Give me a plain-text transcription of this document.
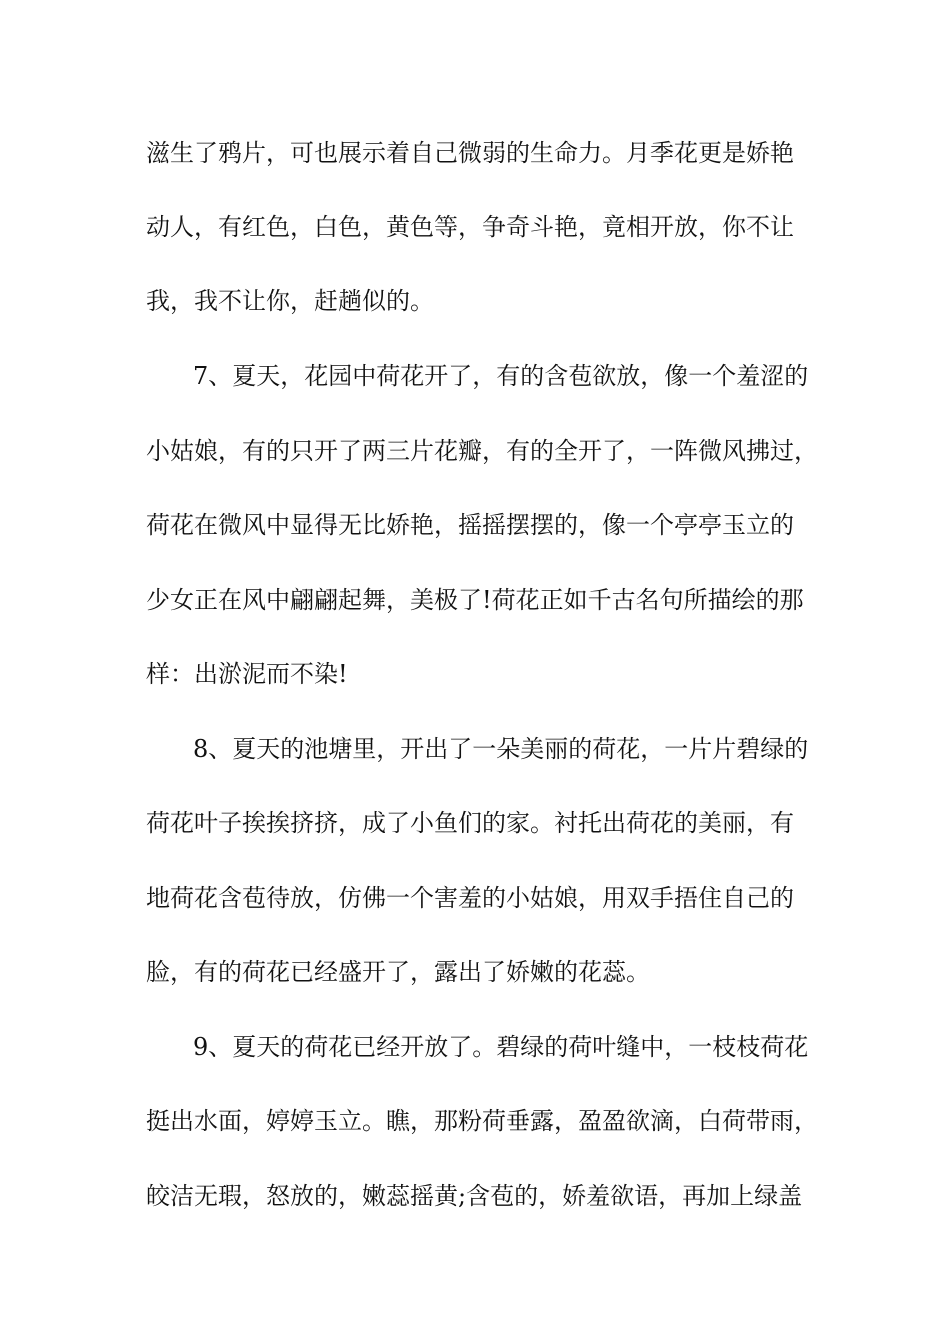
滋生了鸦片，可也展示着自己微弱的生命力。月季花更是娇艳
动人，有红色，白色，黄色等，争奇斗艳，竟相开放，你不让
我，我不让你，赶趟似的。
7、夏天，花园中荷花开了，有的含苞欲放，像一个羞涩的
小姑娘，有的只开了两三片花瓣，有的全开了，一阵微风拂过，
荷花在微风中显得无比娇艳，摇摇摆摆的，像一个亭亭玉立的
少女正在风中翩翩起舞，美极了!荷花正如千古名句所描绘的那
样：出淤泥而不染!
8、夏天的池塘里，开出了一朵美丽的荷花，一片片碧绿的
荷花叶子挨挨挤挤，成了小鱼们的家。衬托出荷花的美丽，有
地荷花含苞待放，仿佛一个害羞的小姑娘，用双手捂住自己的
脸，有的荷花已经盛开了，露出了娇嫩的花蕊。
9、夏天的荷花已经开放了。碧绿的荷叶缝中，一枝枝荷花
挺出水面，婷婷玉立。瞧，那粉荷垂露，盈盈欲滴，白荷带雨，
皎洁无瑕，怒放的，嫩蕊摇黄;含苞的，娇羞欲语，再加上绿盖
